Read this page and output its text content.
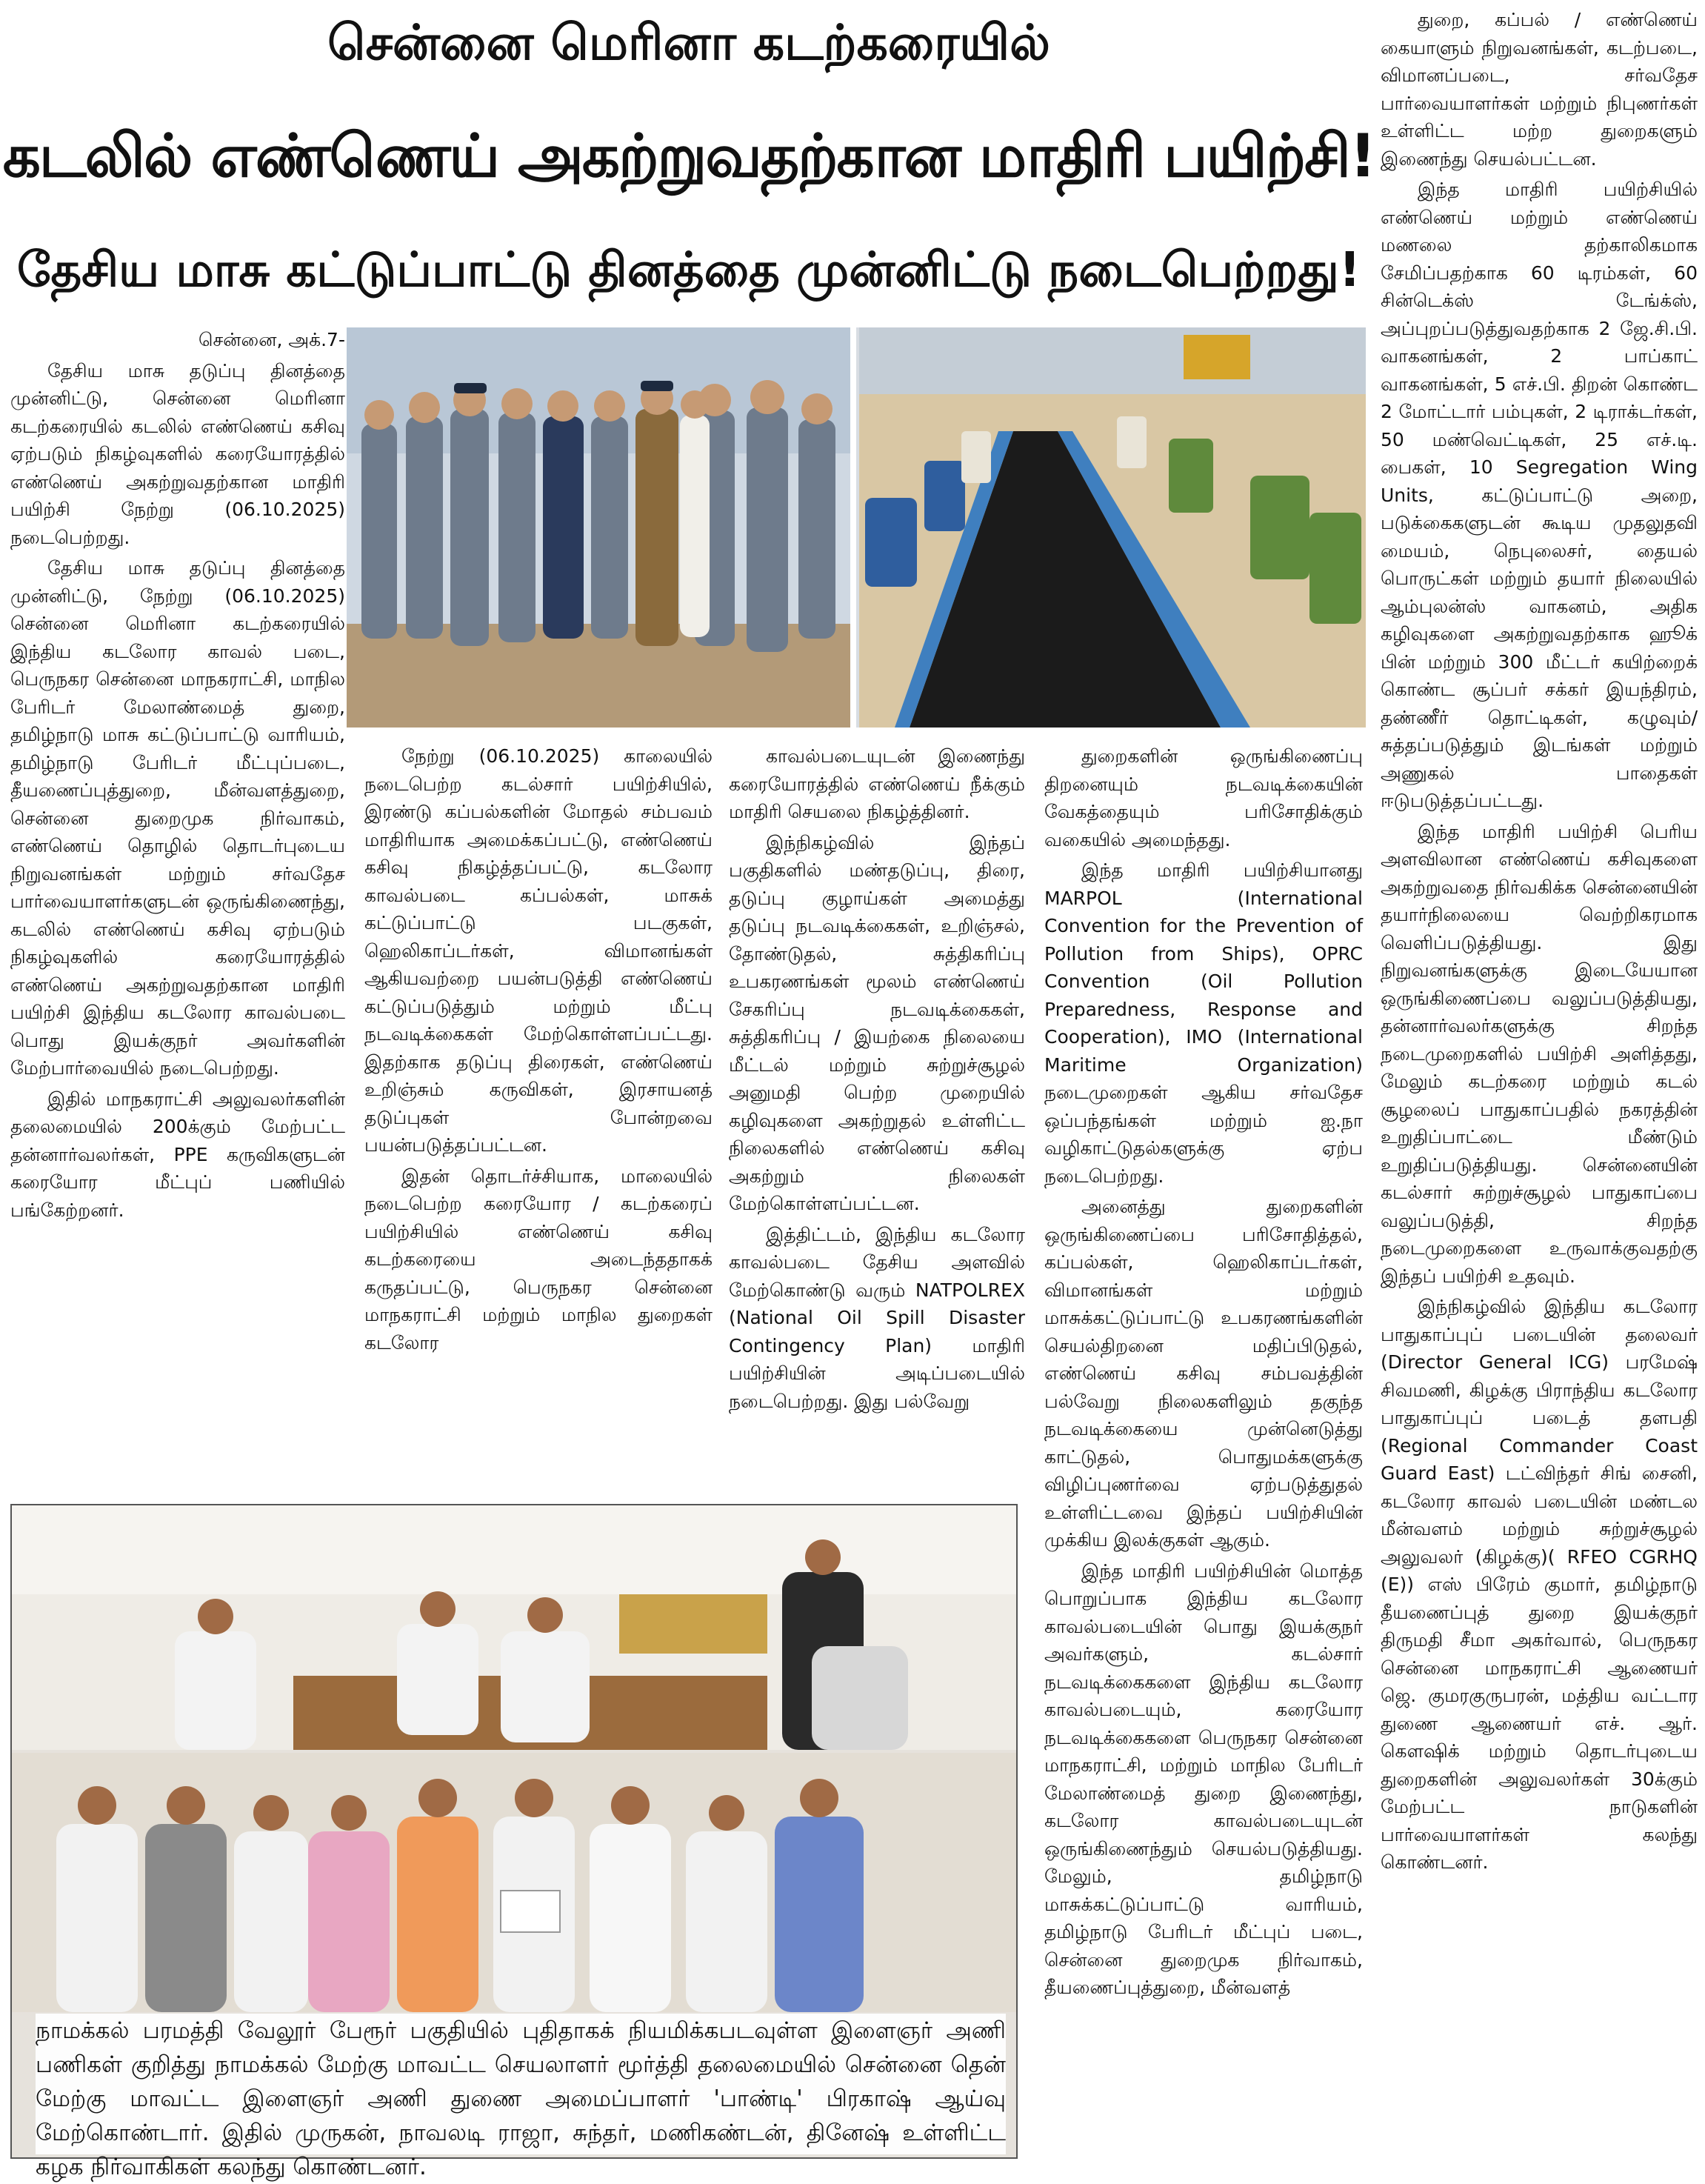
சென்னை மெரினா கடற்கரையில்
கடலில் எண்ணெய் அகற்றுவதற்கான மாதிரி பயிற்சி!
தேசிய மாசு கட்டுப்பாட்டு தினத்தை முன்னிட்டு நடைபெற்றது!

சென்னை, அக்.7-

தேசிய மாசு தடுப்பு தினத்தை முன்னிட்டு, சென்னை மெரினா கடற்கரையில் கடலில் எண்ணெய் கசிவு ஏற்படும் நிகழ்வுகளில் கரையோரத்தில் எண்ணெய் அகற்றுவதற்கான மாதிரி பயிற்சி நேற்று (06.10.2025) நடைபெற்றது.

தேசிய மாசு தடுப்பு தினத்தை முன்னிட்டு, நேற்று (06.10.2025) சென்னை மெரினா கடற்கரையில் இந்திய கடலோர காவல் படை, பெருநகர சென்னை மாநகராட்சி, மாநில பேரிடர் மேலாண்மைத் துறை, தமிழ்நாடு மாசு கட்டுப்பாட்டு வாரியம், தமிழ்நாடு பேரிடர் மீட்புப்படை, தீயணைப்புத்துறை, மீன்வளத்துறை, சென்னை துறைமுக நிர்வாகம், எண்ணெய் தொழில் தொடர்புடைய நிறுவனங்கள் மற்றும் சர்வதேச பார்வையாளர்களுடன் ஒருங்கிணைந்து, கடலில் எண்ணெய் கசிவு ஏற்படும் நிகழ்வுகளில் கரையோரத்தில் எண்ணெய் அகற்றுவதற்கான மாதிரி பயிற்சி இந்திய கடலோர காவல்படை பொது இயக்குநர் அவர்களின் மேற்பார்வையில் நடைபெற்றது.

இதில் மாநகராட்சி அலுவலர்களின் தலைமையில் 200க்கும் மேற்பட்ட தன்னார்வலர்கள், PPE கருவிகளுடன் கரையோர மீட்புப் பணியில் பங்கேற்றனர்.

நேற்று (06.10.2025) காலையில் நடைபெற்ற கடல்சார் பயிற்சியில், இரண்டு கப்பல்களின் மோதல் சம்பவம் மாதிரியாக அமைக்கப்பட்டு, எண்ணெய் கசிவு நிகழ்த்தப்பட்டு, கடலோர காவல்படை கப்பல்கள், மாசுக் கட்டுப்பாட்டு படகுகள், ஹெலிகாப்டர்கள், விமானங்கள் ஆகியவற்றை பயன்படுத்தி எண்ணெய் கட்டுப்படுத்தும் மற்றும் மீட்பு நடவடிக்கைகள் மேற்கொள்ளப்பட்டது. இதற்காக தடுப்பு திரைகள், எண்ணெய் உறிஞ்சும் கருவிகள், இரசாயனத் தடுப்புகள் போன்றவை பயன்படுத்தப்பட்டன.

இதன் தொடர்ச்சியாக, மாலையில் நடைபெற்ற கரையோர / கடற்கரைப் பயிற்சியில் எண்ணெய் கசிவு கடற்கரையை அடைந்ததாகக் கருதப்பட்டு, பெருநகர சென்னை மாநகராட்சி மற்றும் மாநில துறைகள் கடலோர

காவல்படையுடன் இணைந்து கரையோரத்தில் எண்ணெய் நீக்கும் மாதிரி செயலை நிகழ்த்தினர்.

இந்நிகழ்வில் இந்தப் பகுதிகளில் மண்தடுப்பு, திரை, தடுப்பு குழாய்கள் அமைத்து தடுப்பு நடவடிக்கைகள், உறிஞ்சல், தோண்டுதல், சுத்திகரிப்பு உபகரணங்கள் மூலம் எண்ணெய் சேகரிப்பு நடவடிக்கைகள், சுத்திகரிப்பு / இயற்கை நிலையை மீட்டல் மற்றும் சுற்றுச்சூழல் அனுமதி பெற்ற முறையில் கழிவுகளை அகற்றுதல் உள்ளிட்ட நிலைகளில் எண்ணெய் கசிவு அகற்றும் நிலைகள் மேற்கொள்ளப்பட்டன.

இத்திட்டம், இந்திய கடலோர காவல்படை தேசிய அளவில் மேற்கொண்டு வரும் NATPOLREX (National Oil Spill Disaster Contingency Plan) மாதிரி பயிற்சியின் அடிப்படையில் நடைபெற்றது. இது பல்வேறு

துறைகளின் ஒருங்கிணைப்பு திறனையும் நடவடிக்கையின் வேகத்தையும் பரிசோதிக்கும் வகையில் அமைந்தது.

இந்த மாதிரி பயிற்சியானது MARPOL (International Convention for the Prevention of Pollution from Ships), OPRC Convention (Oil Pollution Preparedness, Response and Cooperation), IMO (International Maritime Organization) நடைமுறைகள் ஆகிய சர்வதேச ஒப்பந்தங்கள் மற்றும் ஐ.நா வழிகாட்டுதல்களுக்கு ஏற்ப நடைபெற்றது.

அனைத்து துறைகளின் ஒருங்கிணைப்பை பரிசோதித்தல், கப்பல்கள், ஹெலிகாப்டர்கள், விமானங்கள் மற்றும் மாசுக்கட்டுப்பாட்டு உபகரணங்களின் செயல்திறனை மதிப்பிடுதல், எண்ணெய் கசிவு சம்பவத்தின் பல்வேறு நிலைகளிலும் தகுந்த நடவடிக்கையை முன்னெடுத்து காட்டுதல், பொதுமக்களுக்கு விழிப்புணர்வை ஏற்படுத்துதல் உள்ளிட்டவை இந்தப் பயிற்சியின் முக்கிய இலக்குகள் ஆகும்.

இந்த மாதிரி பயிற்சியின் மொத்த பொறுப்பாக இந்திய கடலோர காவல்படையின் பொது இயக்குநர் அவர்களும், கடல்சார் நடவடிக்கைகளை இந்திய கடலோர காவல்படையும், கரையோர நடவடிக்கைகளை பெருநகர சென்னை மாநகராட்சி, மற்றும் மாநில பேரிடர் மேலாண்மைத் துறை இணைந்து, கடலோர காவல்படையுடன் ஒருங்கிணைந்தும் செயல்படுத்தியது. மேலும், தமிழ்நாடு மாசுக்கட்டுப்பாட்டு வாரியம், தமிழ்நாடு பேரிடர் மீட்புப் படை, சென்னை துறைமுக நிர்வாகம், தீயணைப்புத்துறை, மீன்வளத்

துறை, கப்பல் / எண்ணெய் கையாளும் நிறுவனங்கள், கடற்படை, விமானப்படை, சர்வதேச பார்வையாளர்கள் மற்றும் நிபுணர்கள் உள்ளிட்ட மற்ற துறைகளும் இணைந்து செயல்பட்டன.

இந்த மாதிரி பயிற்சியில் எண்ணெய் மற்றும் எண்ணெய் மணலை தற்காலிகமாக சேமிப்பதற்காக 60 டிரம்கள், 60 சின்டெக்ஸ் டேங்க்ஸ், அப்புறப்படுத்துவதற்காக 2 ஜே.சி.பி. வாகனங்கள், 2 பாப்காட் வாகனங்கள், 5 எச்.பி. திறன் கொண்ட 2 மோட்டார் பம்புகள், 2 டிராக்டர்கள், 50 மண்வெட்டிகள், 25 எச்.டி. பைகள், 10 Segregation Wing Units, கட்டுப்பாட்டு அறை, படுக்கைகளுடன் கூடிய முதலுதவி மையம், நெபுலைசர், தையல் பொருட்கள் மற்றும் தயார் நிலையில் ஆம்புலன்ஸ் வாகனம், அதிக கழிவுகளை அகற்றுவதற்காக ஹூக் பின் மற்றும் 300 மீட்டர் கயிற்றைக் கொண்ட சூப்பர் சக்கர் இயந்திரம், தண்ணீர் தொட்டிகள், கழுவும்/சுத்தப்படுத்தும் இடங்கள் மற்றும் அணுகல் பாதைகள் ஈடுபடுத்தப்பட்டது.

இந்த மாதிரி பயிற்சி பெரிய அளவிலான எண்ணெய் கசிவுகளை அகற்றுவதை நிர்வகிக்க சென்னையின் தயார்நிலையை வெற்றிகரமாக வெளிப்படுத்தியது. இது நிறுவனங்களுக்கு இடையேயான ஒருங்கிணைப்பை வலுப்படுத்தியது, தன்னார்வலர்களுக்கு சிறந்த நடைமுறைகளில் பயிற்சி அளித்தது, மேலும் கடற்கரை மற்றும் கடல் சூழலைப் பாதுகாப்பதில் நகரத்தின் உறுதிப்பாட்டை மீண்டும் உறுதிப்படுத்தியது. சென்னையின் கடல்சார் சுற்றுச்சூழல் பாதுகாப்பை வலுப்படுத்தி, சிறந்த நடைமுறைகளை உருவாக்குவதற்கு இந்தப் பயிற்சி உதவும்.

இந்நிகழ்வில் இந்திய கடலோர பாதுகாப்புப் படையின் தலைவர் (Director General ICG) பரமேஷ் சிவமணி, கிழக்கு பிராந்திய கடலோர பாதுகாப்புப் படைத் தளபதி (Regional Commander Coast Guard East) டட்விந்தர் சிங் சைனி, கடலோர காவல் படையின் மண்டல மீன்வளம் மற்றும் சுற்றுச்சூழல் அலுவலர் (கிழக்கு)( RFEO CGRHQ (E)) எஸ் பிரேம் குமார், தமிழ்நாடு தீயணைப்புத் துறை இயக்குநர் திருமதி சீமா அகர்வால், பெருநகர சென்னை மாநகராட்சி ஆணையர் ஜெ. குமரகுருபரன், மத்திய வட்டார துணை ஆணையர் எச். ஆர். கௌஷிக் மற்றும் தொடர்புடைய துறைகளின் அலுவலர்கள் 30க்கும் மேற்பட்ட நாடுகளின் பார்வையாளர்கள் கலந்து கொண்டனர்.

நாமக்கல் பரமத்தி வேலூர் பேரூர் பகுதியில் புதிதாகக் நியமிக்கபடவுள்ள இளைஞர் அணி பணிகள் குறித்து நாமக்கல் மேற்கு மாவட்ட செயலாளர் மூர்த்தி தலைமையில் சென்னை தென் மேற்கு மாவட்ட இளைஞர் அணி துணை அமைப்பாளர் 'பாண்டி' பிரகாஷ் ஆய்வு மேற்கொண்டார். இதில் முருகன், நாவலடி ராஜா, சுந்தர், மணிகண்டன், தினேஷ் உள்ளிட்ட கழக நிர்வாகிகள் கலந்து கொண்டனர்.
